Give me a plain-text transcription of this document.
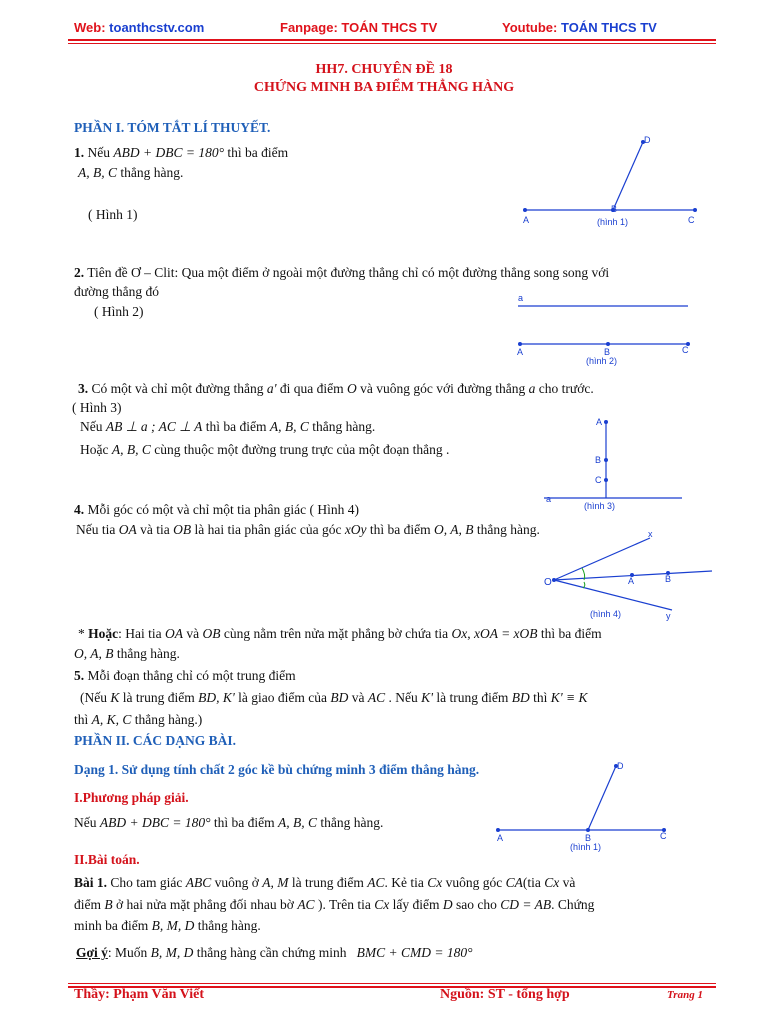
Web: toanthcstv.com	Fanpage: TOÁN THCS TV	Youtube: TOÁN THCS TV
HH7. CHUYÊN ĐỀ 18
CHỨNG MINH BA ĐIỂM THẲNG HÀNG
PHẦN I. TÓM TẮT LÍ THUYẾT.
1. Nếu ABD + DBC = 180° thì ba điểm
A, B, C thẳng hàng.
( Hình 1)	A
B
C
D
(hình 1)
2. Tiên đề Ơ – Clit: Qua một điểm ở ngoài một đường thẳng chỉ có một đường thẳng song song với
đường thẳng đó
( Hình 2)
a
A	B	C
(hình 2)
3. Có một và chỉ một đường thẳng a' đi qua điểm O và vuông góc với đường thẳng a cho trước.
( Hình 3)
Nếu AB ⊥ a ; AC ⊥ A thì ba điểm A, B, C thẳng hàng.
Hoặc A, B, C cùng thuộc một đường trung trực của một đoạn thẳng .
A
B
C
a
(hình 3)
4. Mỗi góc có một và chỉ một tia phân giác ( Hình 4)
Nếu tia OA và tia OB là hai tia phân giác của góc xOy thì ba điểm O, A, B thẳng hàng.
O	A	B
x
y
(hình 4)
* Hoặc: Hai tia OA và OB cùng nằm trên nửa mặt phẳng bờ chứa tia Ox, xOA = xOB thì ba điểm
O, A, B thẳng hàng.
5. Mỗi đoạn thẳng chỉ có một trung điểm
(Nếu K là trung điểm BD, K' là giao điểm của BD và AC . Nếu K' là trung điểm BD thì K' ≡ K
thì A, K, C thẳng hàng.)
PHẦN II. CÁC DẠNG BÀI.
Dạng 1. Sử dụng tính chất 2 góc kề bù chứng minh 3 điểm thẳng hàng.
I.Phương pháp giải.
Nếu ABD + DBC = 180° thì ba điểm A, B, C thẳng hàng.
A	B	C
D
(hình 1)
II.Bài toán.
Bài 1. Cho tam giác ABC vuông ở A, M là trung điểm AC. Kẻ tia Cx vuông góc CA(tia Cx và
điểm B ở hai nửa mặt phẳng đối nhau bờ AC ). Trên tia Cx lấy điểm D sao cho CD = AB. Chứng
minh ba điểm B, M, D thẳng hàng.
Gợi ý: Muốn B, M, D thẳng hàng cần chứng minh BMC + CMD = 180°
Thầy: Phạm Văn Viết	Nguồn: ST - tổng hợp	Trang 1
